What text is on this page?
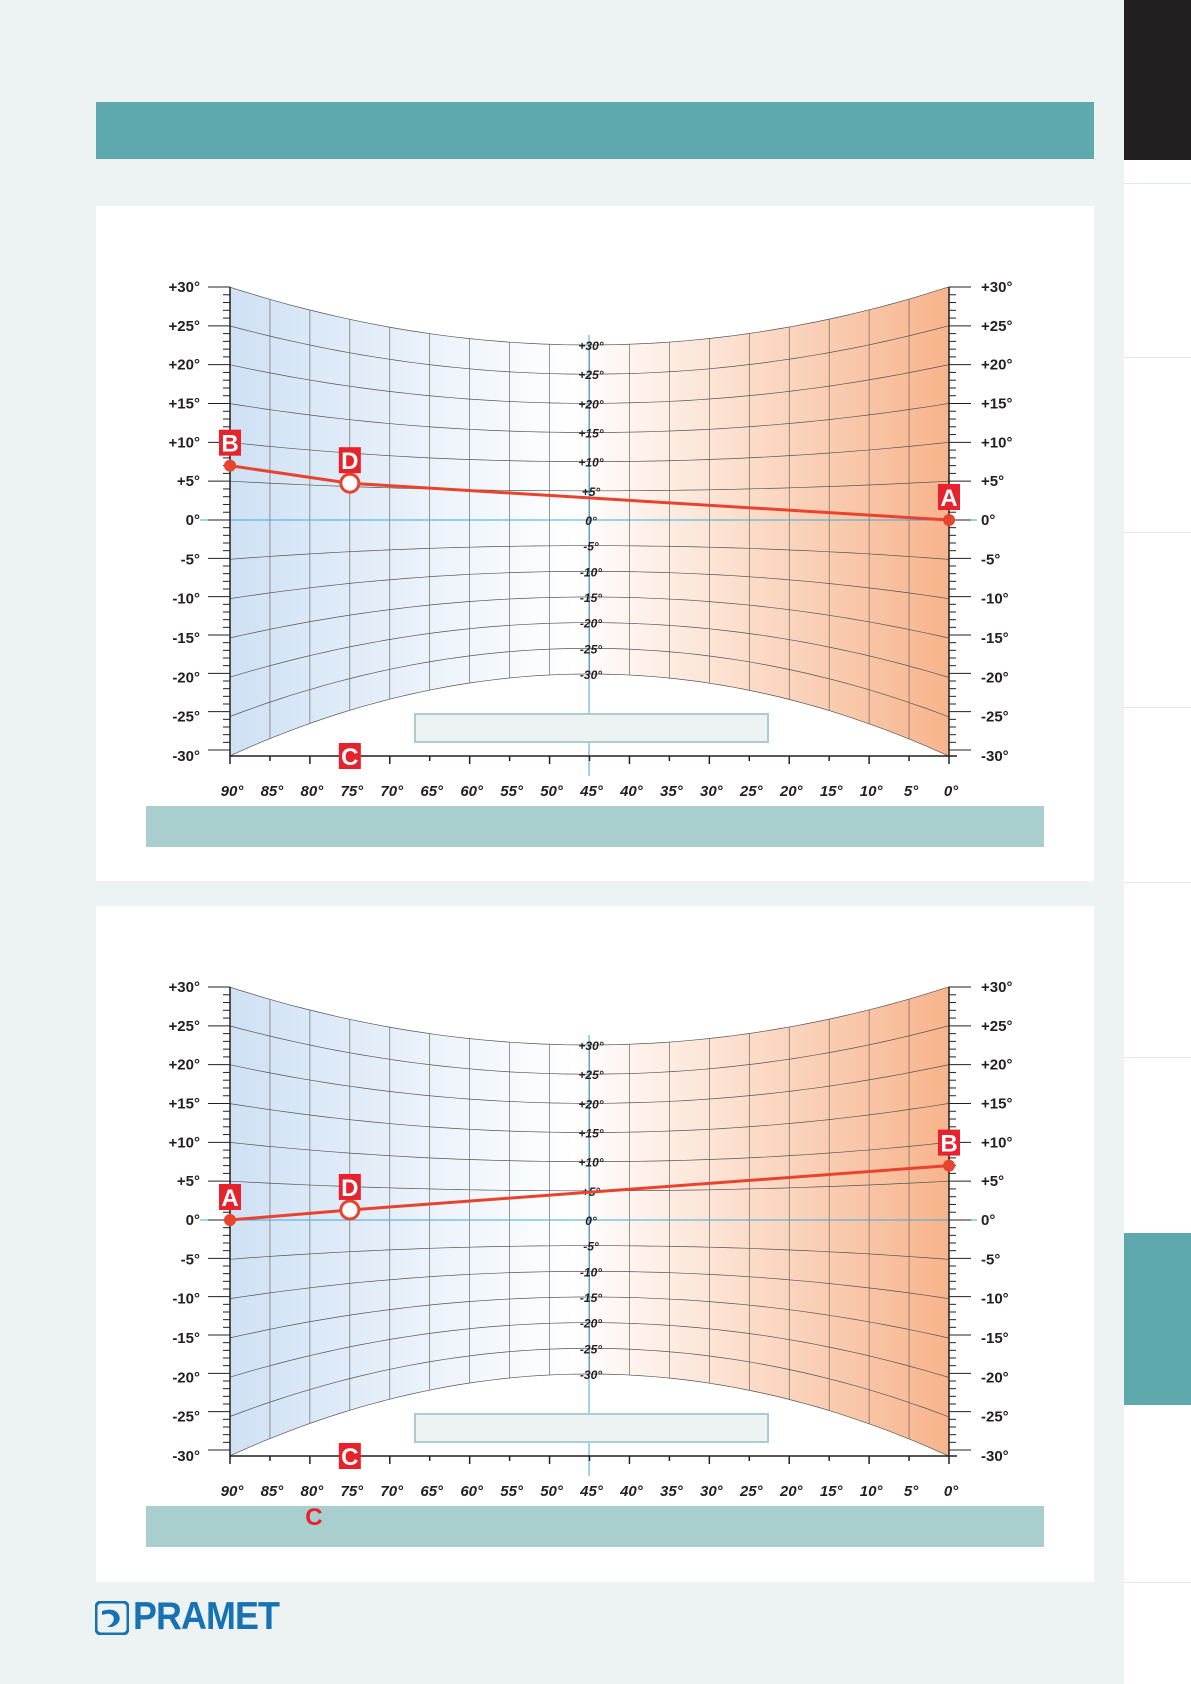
+30°	+30°
+25°	+25°
+20°	+20°
+15°	+15°
+10°	+10°
+5°	+5°
0°	0°
-5°	-5°
-10°	-10°
-15°	-15°
-20°	-20°
-25°	-25°
-30°	-30°
+30°
+25°
+20°
+15°
+10°
+5°
0°
-5°
-10°
-15°
-20°
-25°
-30°
90° 85° 80° 75° 70° 65° 60° 55° 50° 45° 40° 35° 30° 25° 20° 15° 10° 5° 0°
B
D
A
C
+30°	+30°
+25°	+25°
+20°	+20°
+15°	+15°
+10°	+10°
+5°	+5°
0°	0°
-5°	-5°
-10°	-10°
-15°	-15°
-20°	-20°
-25°	-25°
-30°	-30°
+30°
+25°
+20°
+15°
+10°
+5°
0°
-5°
-10°
-15°
-20°
-25°
-30°
90° 85° 80° 75° 70° 65° 60° 55° 50° 45° 40° 35° 30° 25° 20° 15° 10° 5° 0°
A	D
B
C
C
PRAMET
